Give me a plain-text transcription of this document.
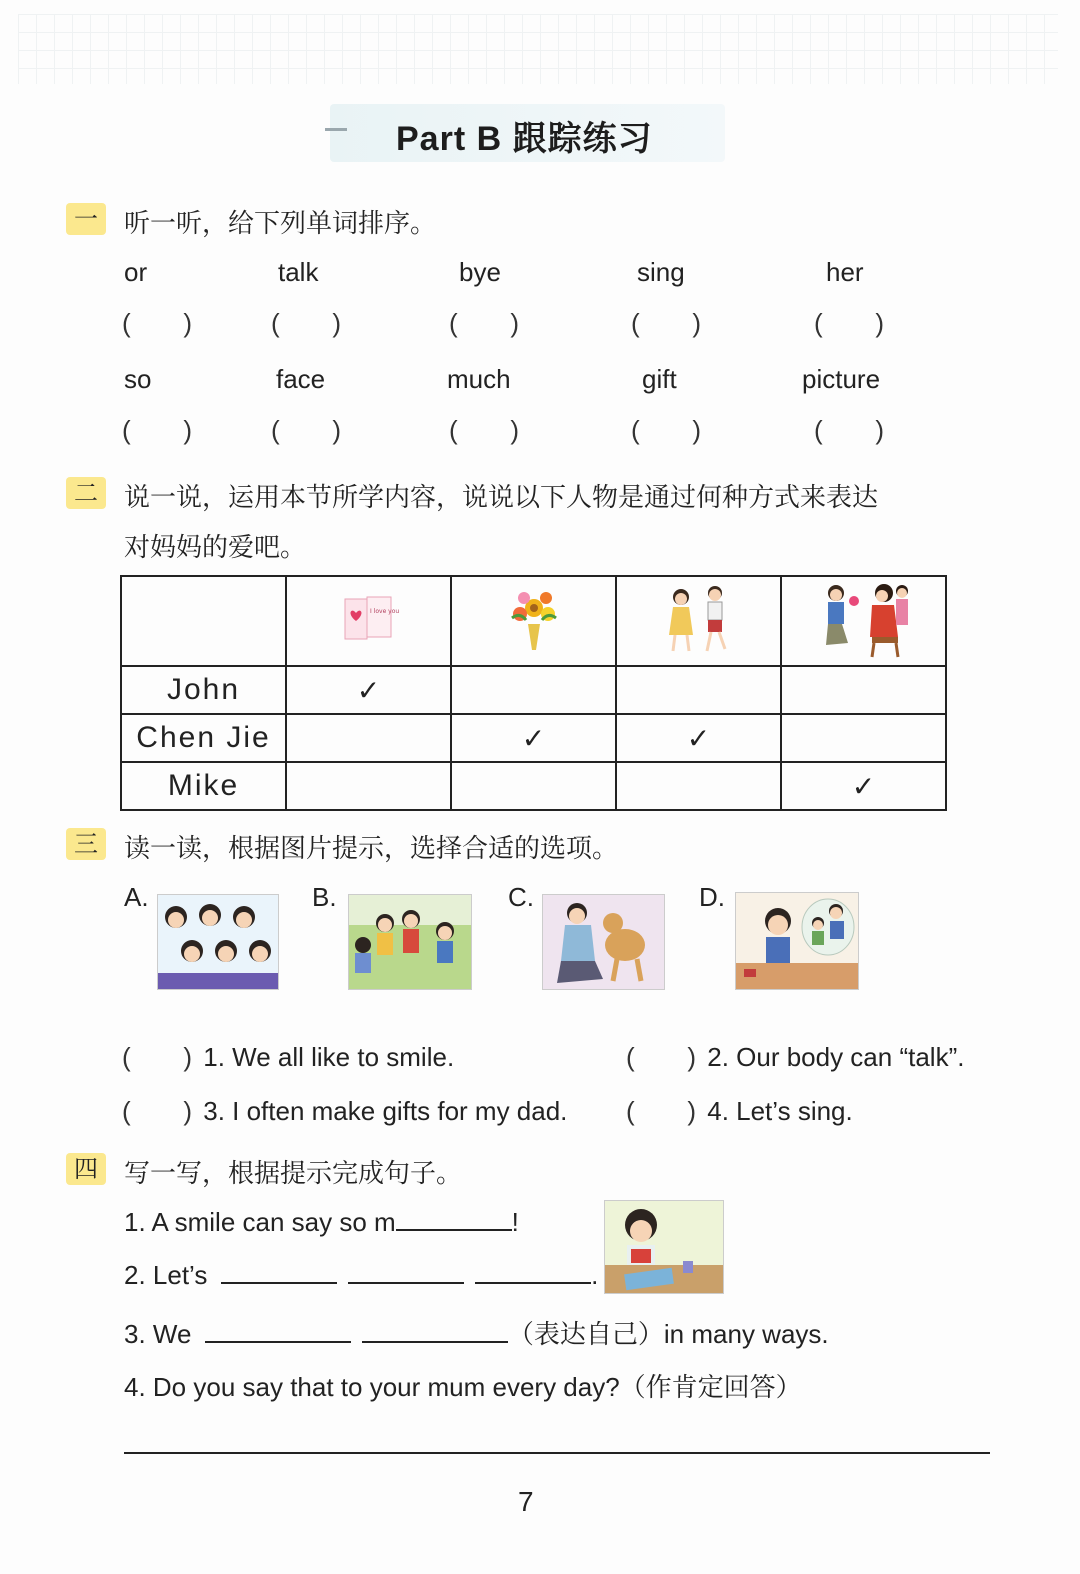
Part B 跟踪练习
一	听一听，给下列单词排序。
or	talk	bye	sing	her
( )	( )	( )	( )	( )
so	face	much	gift	picture
( )	( )	( )	( )	( )
二	说一说，运用本节所学内容，说说以下人物是通过何种方式来表达
对妈妈的爱吧。

I love you!

John	✓			
Chen Jie		✓	✓	
Mike				✓
三	读一读，根据图片提示，选择合适的选项。
A.	B.	C.	D.
( ) 1. We all like to smile.	( ) 2. Our body can “talk”.
( ) 3. I often make gifts for my dad. ( ) 4. Let’s sing.
四	写一写，根据提示完成句子。
1. A smile can say so m	!
2. Let’s	.
3. We	（表达自己）in many ways.
4. Do you say that to your mum every day?（作肯定回答）
7
